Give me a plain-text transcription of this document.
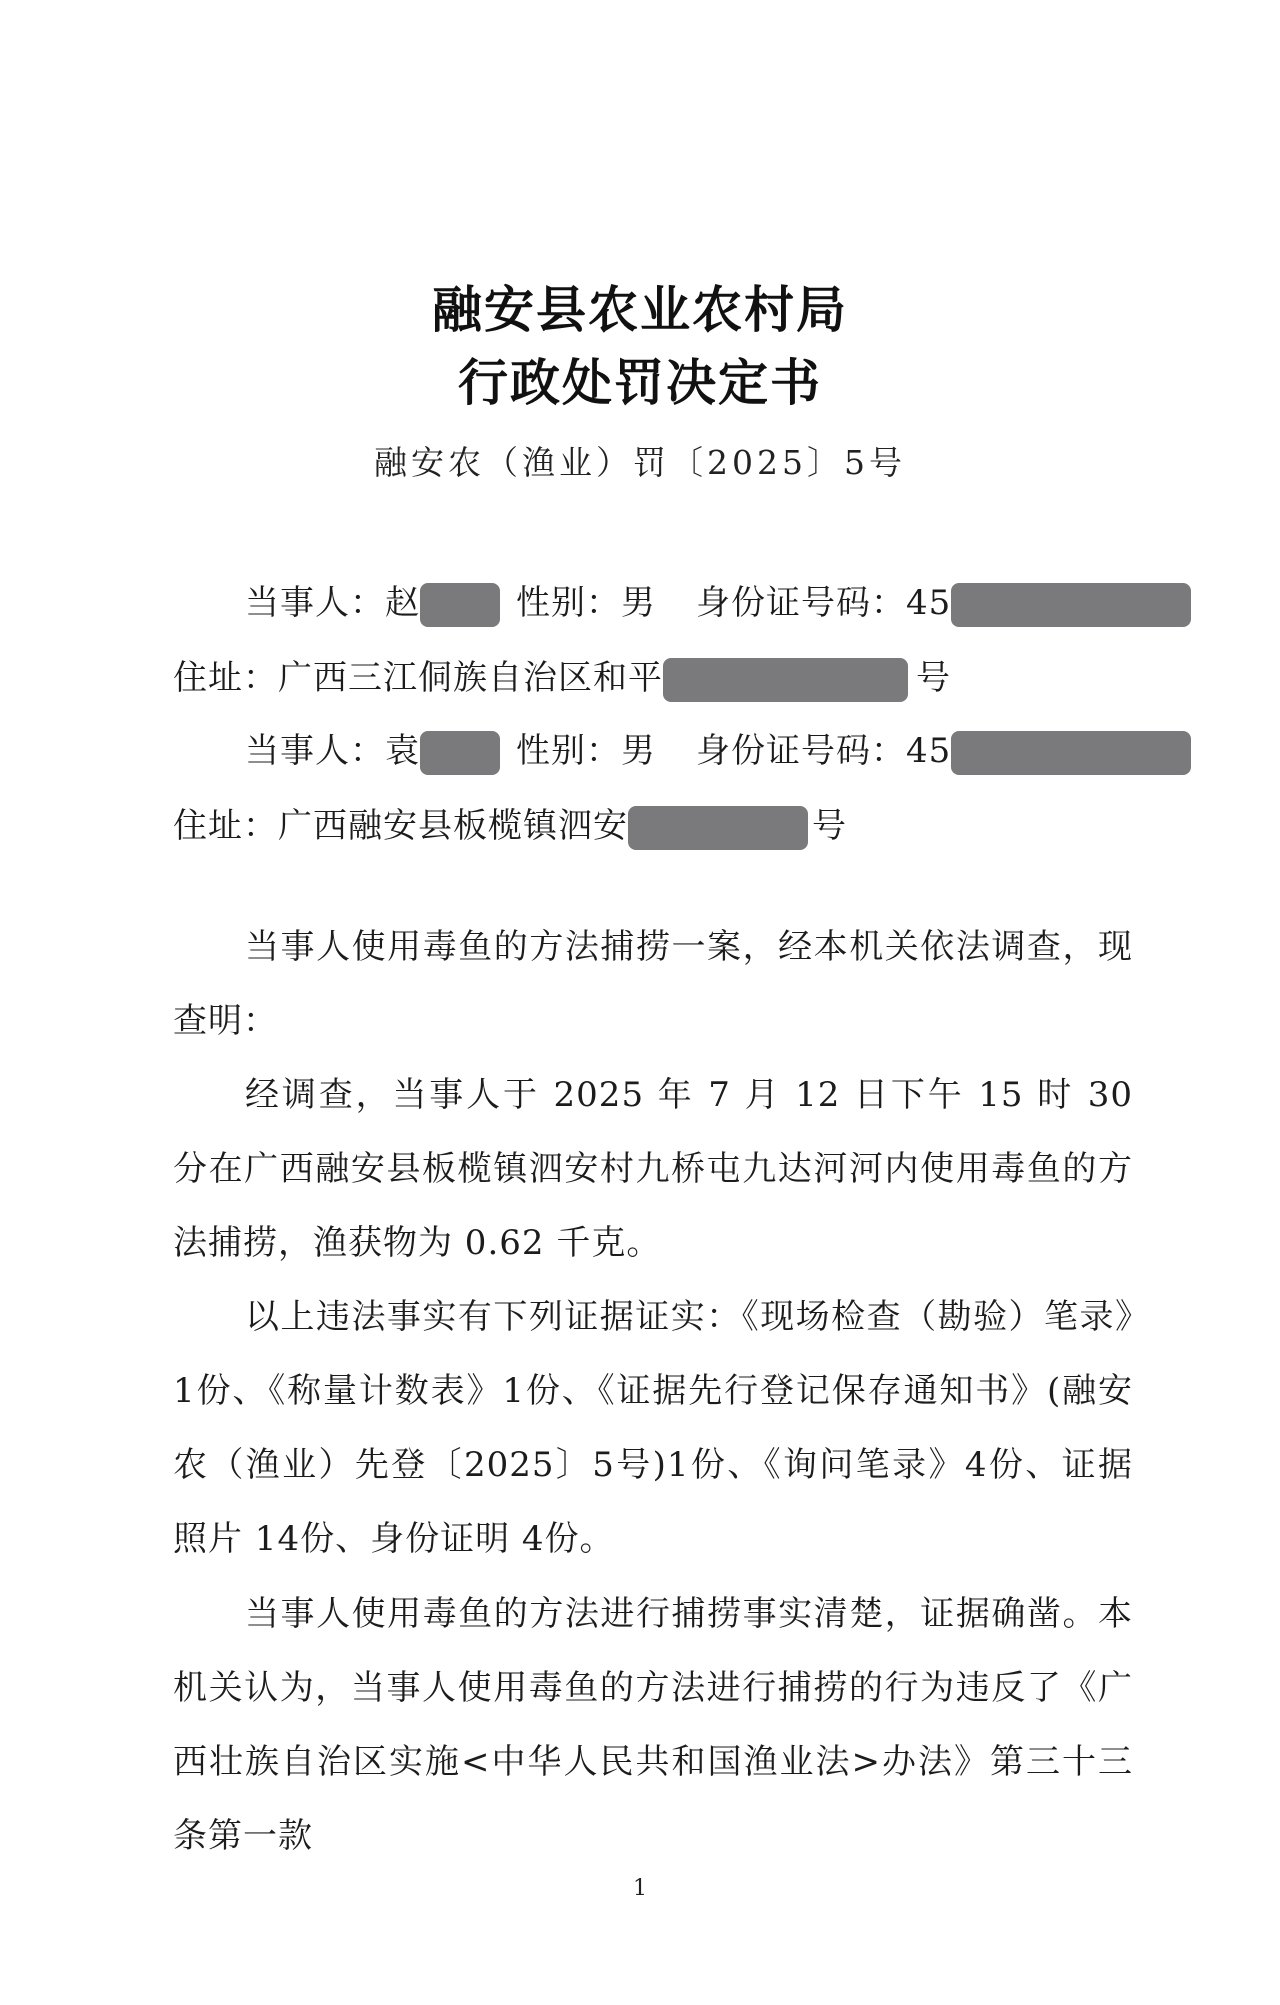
融安县农业农村局
行政处罚决定书
融安农（渔业）罚〔2025〕5号
当事人：赵	性别：男 身份证号码：45
住址：广西三江侗族自治区和平	号
当事人：袁	性别：男 身份证号码：45
住址：广西融安县板榄镇泗安	号
当事人使用毒鱼的方法捕捞一案，经本机关依法调查，现查明：
经调查，当事人于 2025 年 7 月 12 日下午 15 时 30 分在广西融安县板榄镇泗安村九桥屯九达河河内使用毒鱼的方法捕捞，渔获物为 0.62 千克。
以上违法事实有下列证据证实：《现场检查（勘验）笔录》1份、《称量计数表》1份、《证据先行登记保存通知书》(融安农（渔业）先登〔2025〕5号)1份、《询问笔录》4份、证据照片 14份、身份证明 4份。
当事人使用毒鱼的方法进行捕捞事实清楚，证据确凿。本机关认为，当事人使用毒鱼的方法进行捕捞的行为违反了《广西壮族自治区实施<中华人民共和国渔业法>办法》第三十三条第一款
1
